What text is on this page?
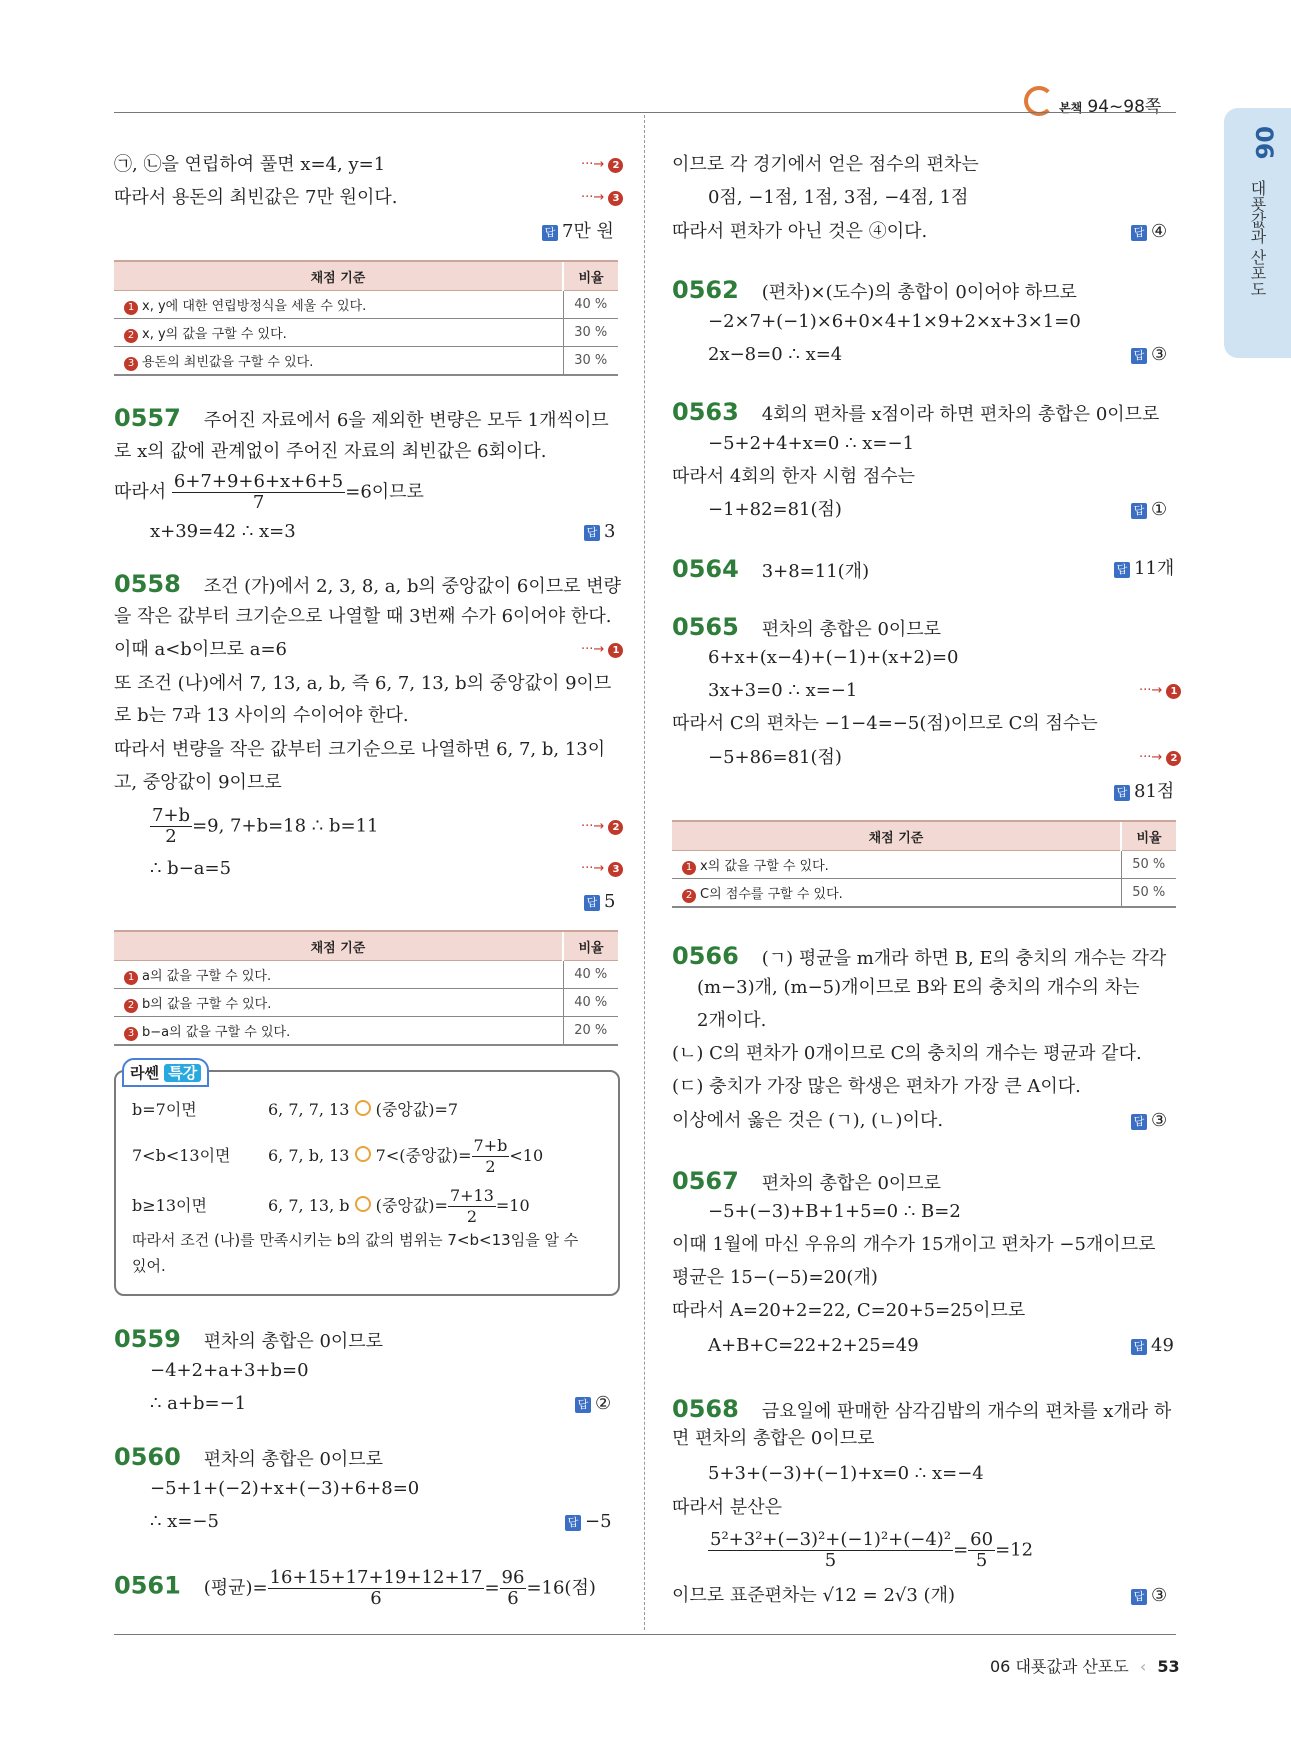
본책 94~98쪽
06
대푯값과 산포도
㉠, ㉡을 연립하여 풀면 x=4, y=1	···→ 2
따라서 용돈의 최빈값은 7만 원이다.	···→ 3
답 7만 원
채점 기준	비율
1 x, y에 대한 연립방정식을 세울 수 있다.	40 %
2 x, y의 값을 구할 수 있다.	30 %
3 용돈의 최빈값을 구할 수 있다.	30 %
0557 주어진 자료에서 6을 제외한 변량은 모두 1개씩이므
로 x의 값에 관계없이 주어진 자료의 최빈값은 6회이다.
따라서 $\frac{6+7+9+6+x+6+5}{7} =6$이므로
x+39=42 ∴ x=3	답 3
0558 조건 (가)에서 2, 3, 8, a, b의 중앙값이 6이므로 변량
을 작은 값부터 크기순으로 나열할 때 3번째 수가 6이어야 한다.
이때 a<b이므로 a=6	···→ 1
또 조건 (나)에서 7, 13, a, b, 즉 6, 7, 13, b의 중앙값이 9이므
로 b는 7과 13 사이의 수이어야 한다.
따라서 변량을 작은 값부터 크기순으로 나열하면 6, 7, b, 13이
고, 중앙값이 9이므로
$\frac{7+b}{2} =9$, 7+b=18 ∴ b=11	···→ 2
∴ b−a=5	···→ 3
답 5
채점 기준	비율
1 a의 값을 구할 수 있다.	40 %
2 b의 값을 구할 수 있다.	40 %
3 b−a의 값을 구할 수 있다.	20 %
라쎈 특강
b=7이면	6, 7, 7, 13 (중앙값)=7
7<b<13이면 6, 7, b, 13 7<(중앙값)= $\frac{7+b}{2} <10$
b≥13이면	6, 7, 13, b (중앙값)= $\frac{7+13}{2} =10$
따라서 조건 (나)를 만족시키는 b의 값의 범위는 7<b<13임을 알 수
있어.
0559 편차의 총합은 0이므로
−4+2+a+3+b=0
∴ a+b=−1	답 ②
0560 편차의 총합은 0이므로
−5+1+(−2)+x+(−3)+6+8=0
∴ x=−5	답 −5
0561 (평균)= $\frac{16+15+17+19+12+17}{6} = \frac{96}{6} =16$(점)
이므로 각 경기에서 얻은 점수의 편차는
0점, −1점, 1점, 3점, −4점, 1점
따라서 편차가 아닌 것은 ④이다.	답 ④
0562 (편차)×(도수)의 총합이 0이어야 하므로
−2×7+(−1)×6+0×4+1×9+2×x+3×1=0
2x−8=0 ∴ x=4	답 ③
0563 4회의 편차를 x점이라 하면 편차의 총합은 0이므로
−5+2+4+x=0 ∴ x=−1
따라서 4회의 한자 시험 점수는
−1+82=81(점)	답 ①
0564 3+8=11(개)	답 11개
0565 편차의 총합은 0이므로
6+x+(x−4)+(−1)+(x+2)=0
3x+3=0 ∴ x=−1	···→ 1
따라서 C의 편차는 −1−4=−5(점)이므로 C의 점수는
−5+86=81(점)	···→ 2
답 81점
채점 기준	비율
1 x의 값을 구할 수 있다.	50 %
2 C의 점수를 구할 수 있다.	50 %
0566 (ㄱ) 평균을 m개라 하면 B, E의 충치의 개수는 각각
(m−3)개, (m−5)개이므로 B와 E의 충치의 개수의 차는
2개이다.
(ㄴ) C의 편차가 0개이므로 C의 충치의 개수는 평균과 같다.
(ㄷ) 충치가 가장 많은 학생은 편차가 가장 큰 A이다.
이상에서 옳은 것은 (ㄱ), (ㄴ)이다.	답 ③
0567 편차의 총합은 0이므로
−5+(−3)+B+1+5=0 ∴ B=2
이때 1월에 마신 우유의 개수가 15개이고 편차가 −5개이므로
평균은 15−(−5)=20(개)
따라서 A=20+2=22, C=20+5=25이므로
A+B+C=22+2+25=49	답 49
0568 금요일에 판매한 삼각김밥의 개수의 편차를 x개라 하
면 편차의 총합은 0이므로
5+3+(−3)+(−1)+x=0 ∴ x=−4
따라서 분산은
$\frac{\text{5²+3²+(−3)²+(−1)²+(−4)²}}{5} = \frac{60}{5} =12$
이므로 표준편차는 √12 = 2√3 (개)	답 ③
06 대푯값과 산포도 ‹ 53
